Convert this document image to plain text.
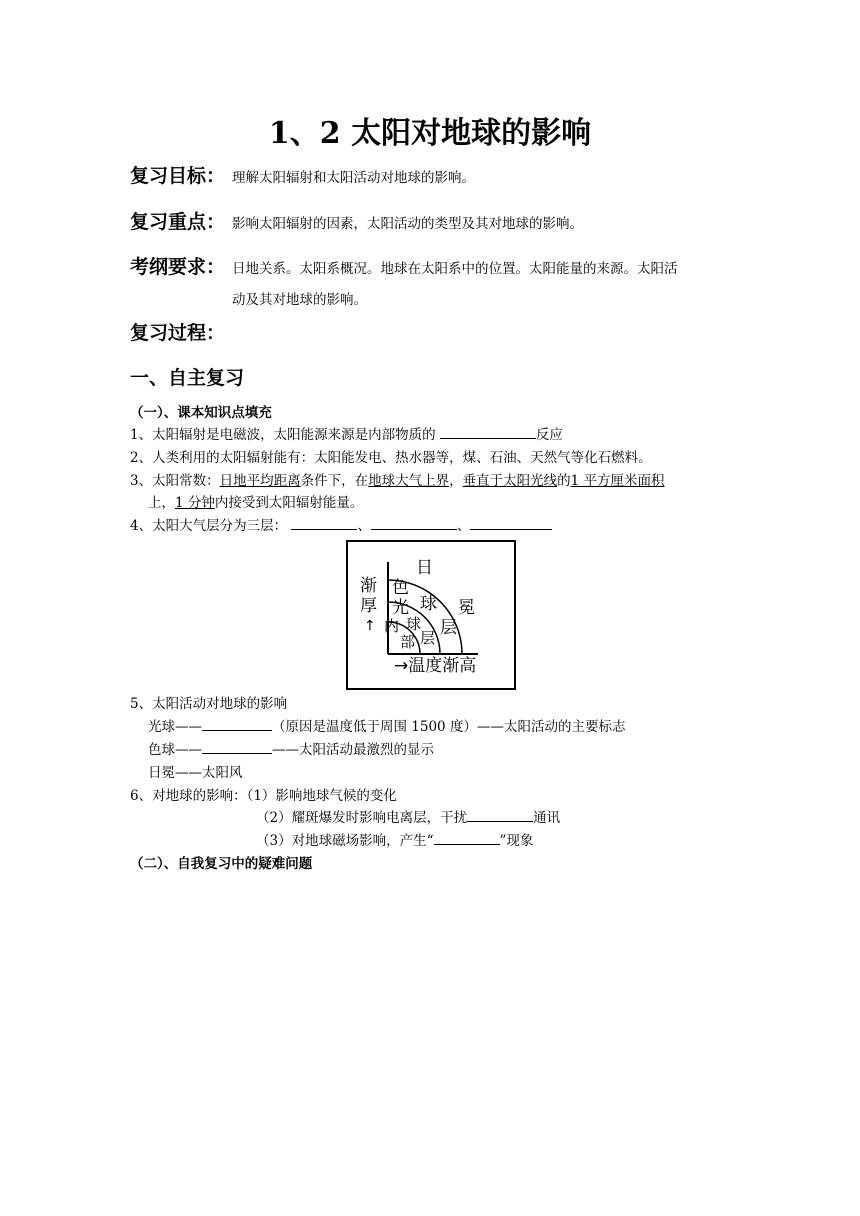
1、2 太阳对地球的影响
复习目标： 理解太阳辐射和太阳活动对地球的影响。
复习重点： 影响太阳辐射的因素，太阳活动的类型及其对地球的影响。
考纲要求： 日地关系。太阳系概况。地球在太阳系中的位置。太阳能量的来源。太阳活
动及其对地球的影响。
复习过程：
一、自主复习
（一）、课本知识点填充
1、太阳辐射是电磁波，太阳能源来源是内部物质的	反应
2、人类利用的太阳辐射能有：太阳能发电、热水器等，煤、石油、天然气等化石燃料。
3、太阳常数：日地平均距离条件下，在地球大气上界，垂直于太阳光线的1 平方厘米面积
上，1 分钟内接受到太阳辐射能量。
4、太阳大气层分为三层：	、	、
日
渐
厚
↑
色
光 球
内
部
球
层
冕
层
→温度渐高
5、太阳活动对地球的影响
光球——	（原因是温度低于周围 1500 度）——太阳活动的主要标志
色球——	——太阳活动最激烈的显示
日冕——太阳风
6、对地球的影响：（1）影响地球气候的变化
（2）耀斑爆发时影响电离层，干扰	通讯
（3）对地球磁场影响，产生“	”现象
（二）、自我复习中的疑难问题
